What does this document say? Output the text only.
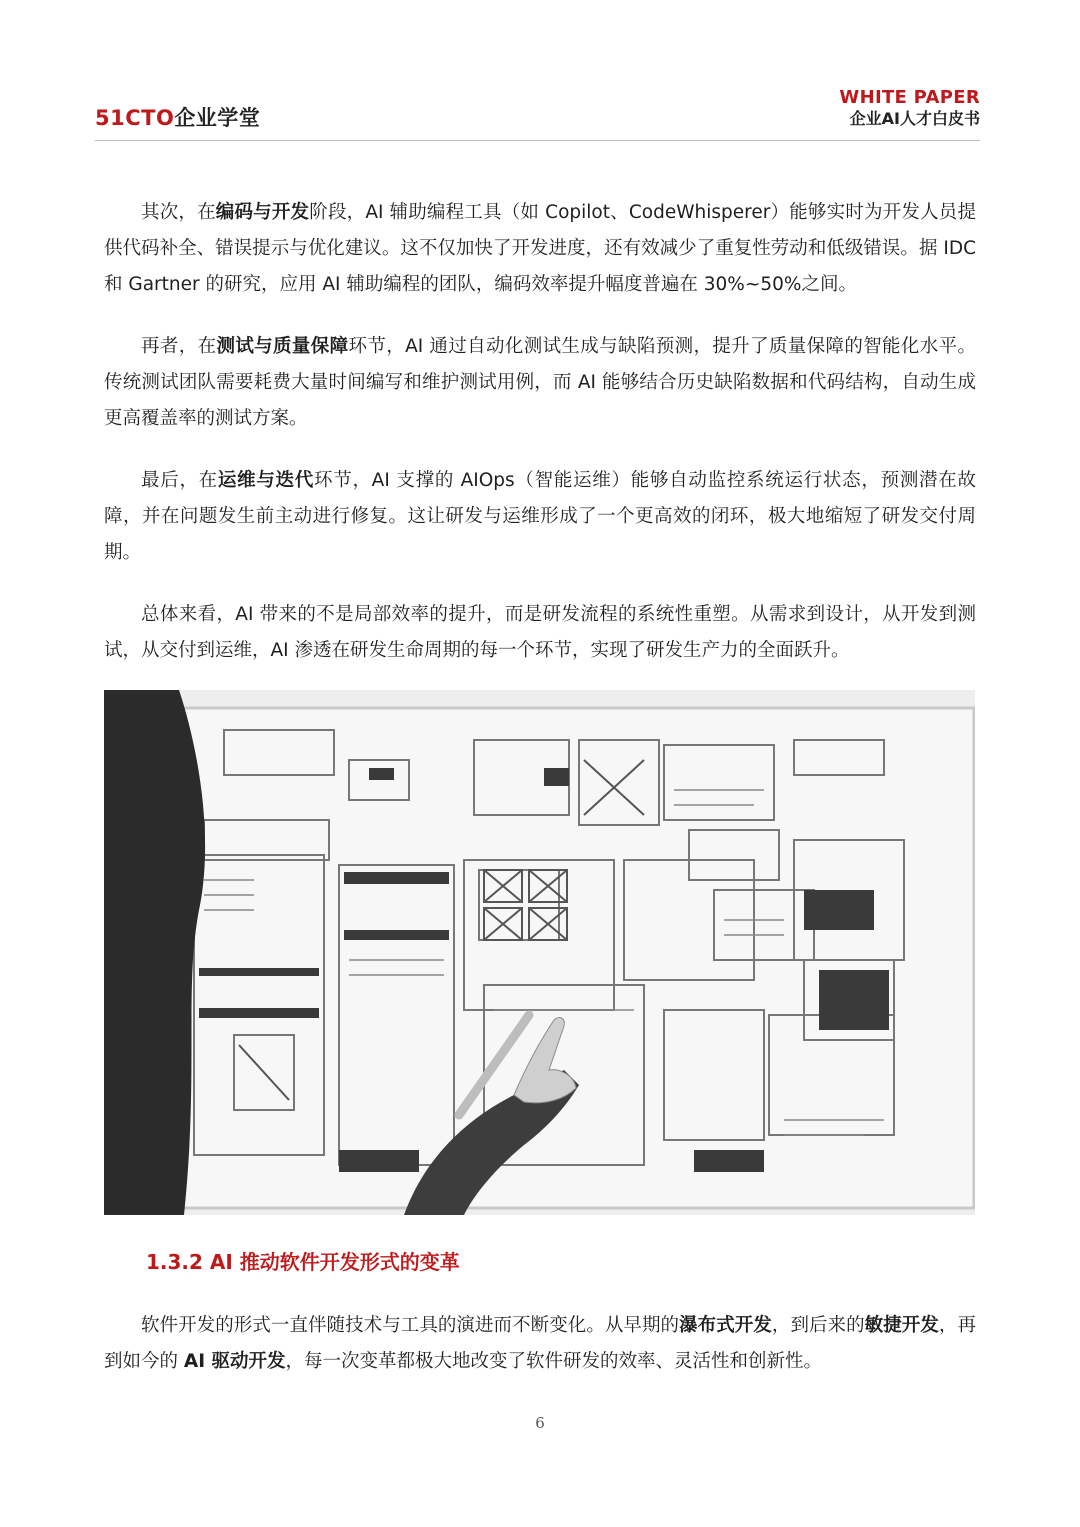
51CTO企业学堂
WHITE PAPER
企业AI人才白皮书

其次，在编码与开发阶段，AI 辅助编程工具（如 Copilot、CodeWhisperer）能够实时为开发人员提供代码补全、错误提示与优化建议。这不仅加快了开发进度，还有效减少了重复性劳动和低级错误。据 IDC 和 Gartner 的研究，应用 AI 辅助编程的团队，编码效率提升幅度普遍在 30%~50%之间。

再者，在测试与质量保障环节，AI 通过自动化测试生成与缺陷预测，提升了质量保障的智能化水平。传统测试团队需要耗费大量时间编写和维护测试用例，而 AI 能够结合历史缺陷数据和代码结构，自动生成更高覆盖率的测试方案。

最后，在运维与迭代环节，AI 支撑的 AIOps（智能运维）能够自动监控系统运行状态，预测潜在故障，并在问题发生前主动进行修复。这让研发与运维形成了一个更高效的闭环，极大地缩短了研发交付周期。

总体来看，AI 带来的不是局部效率的提升，而是研发流程的系统性重塑。从需求到设计，从开发到测试，从交付到运维，AI 渗透在研发生命周期的每一个环节，实现了研发生产力的全面跃升。

1.3.2 AI 推动软件开发形式的变革

软件开发的形式一直伴随技术与工具的演进而不断变化。从早期的瀑布式开发，到后来的敏捷开发，再到如今的 AI 驱动开发，每一次变革都极大地改变了软件研发的效率、灵活性和创新性。

6
